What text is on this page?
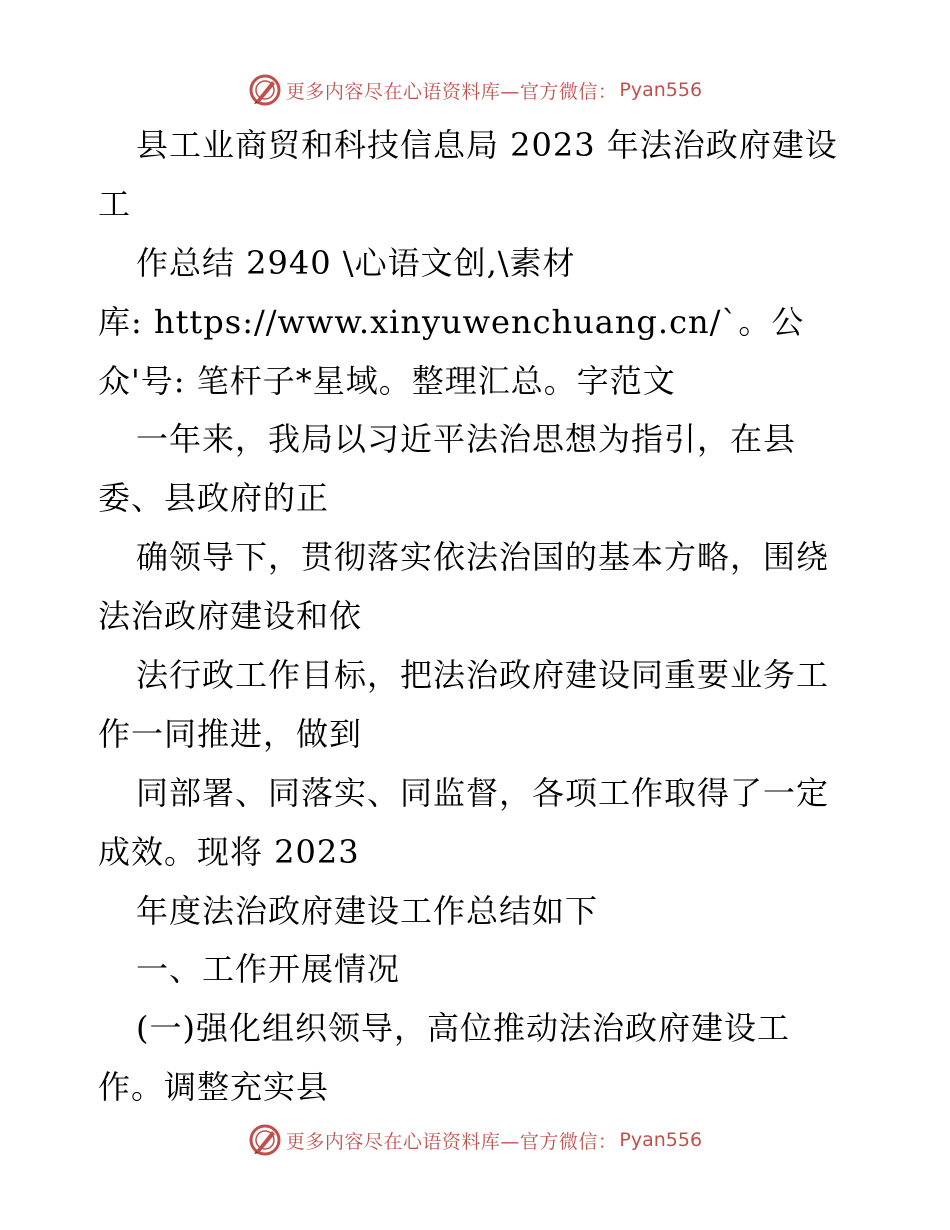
更多内容尽在心语资料库—官方微信： Pyan556
县工业商贸和科技信息局 2023 年法治政府建设
工
作总结 2940 \心语文创,\素材
库: https://www.xinyuwenchuang.cn/`。公
众'号: 笔杆子*星域。整理汇总。字范文
一年来，我局以习近平法治思想为指引，在县
委、县政府的正
确领导下，贯彻落实依法治国的基本方略，围绕
法治政府建设和依
法行政工作目标，把法治政府建设同重要业务工
作一同推进，做到
同部署、同落实、同监督，各项工作取得了一定
成效。现将 2023
年度法治政府建设工作总结如下
一、工作开展情况
(一)强化组织领导，高位推动法治政府建设工
作。调整充实县
更多内容尽在心语资料库—官方微信： Pyan556
